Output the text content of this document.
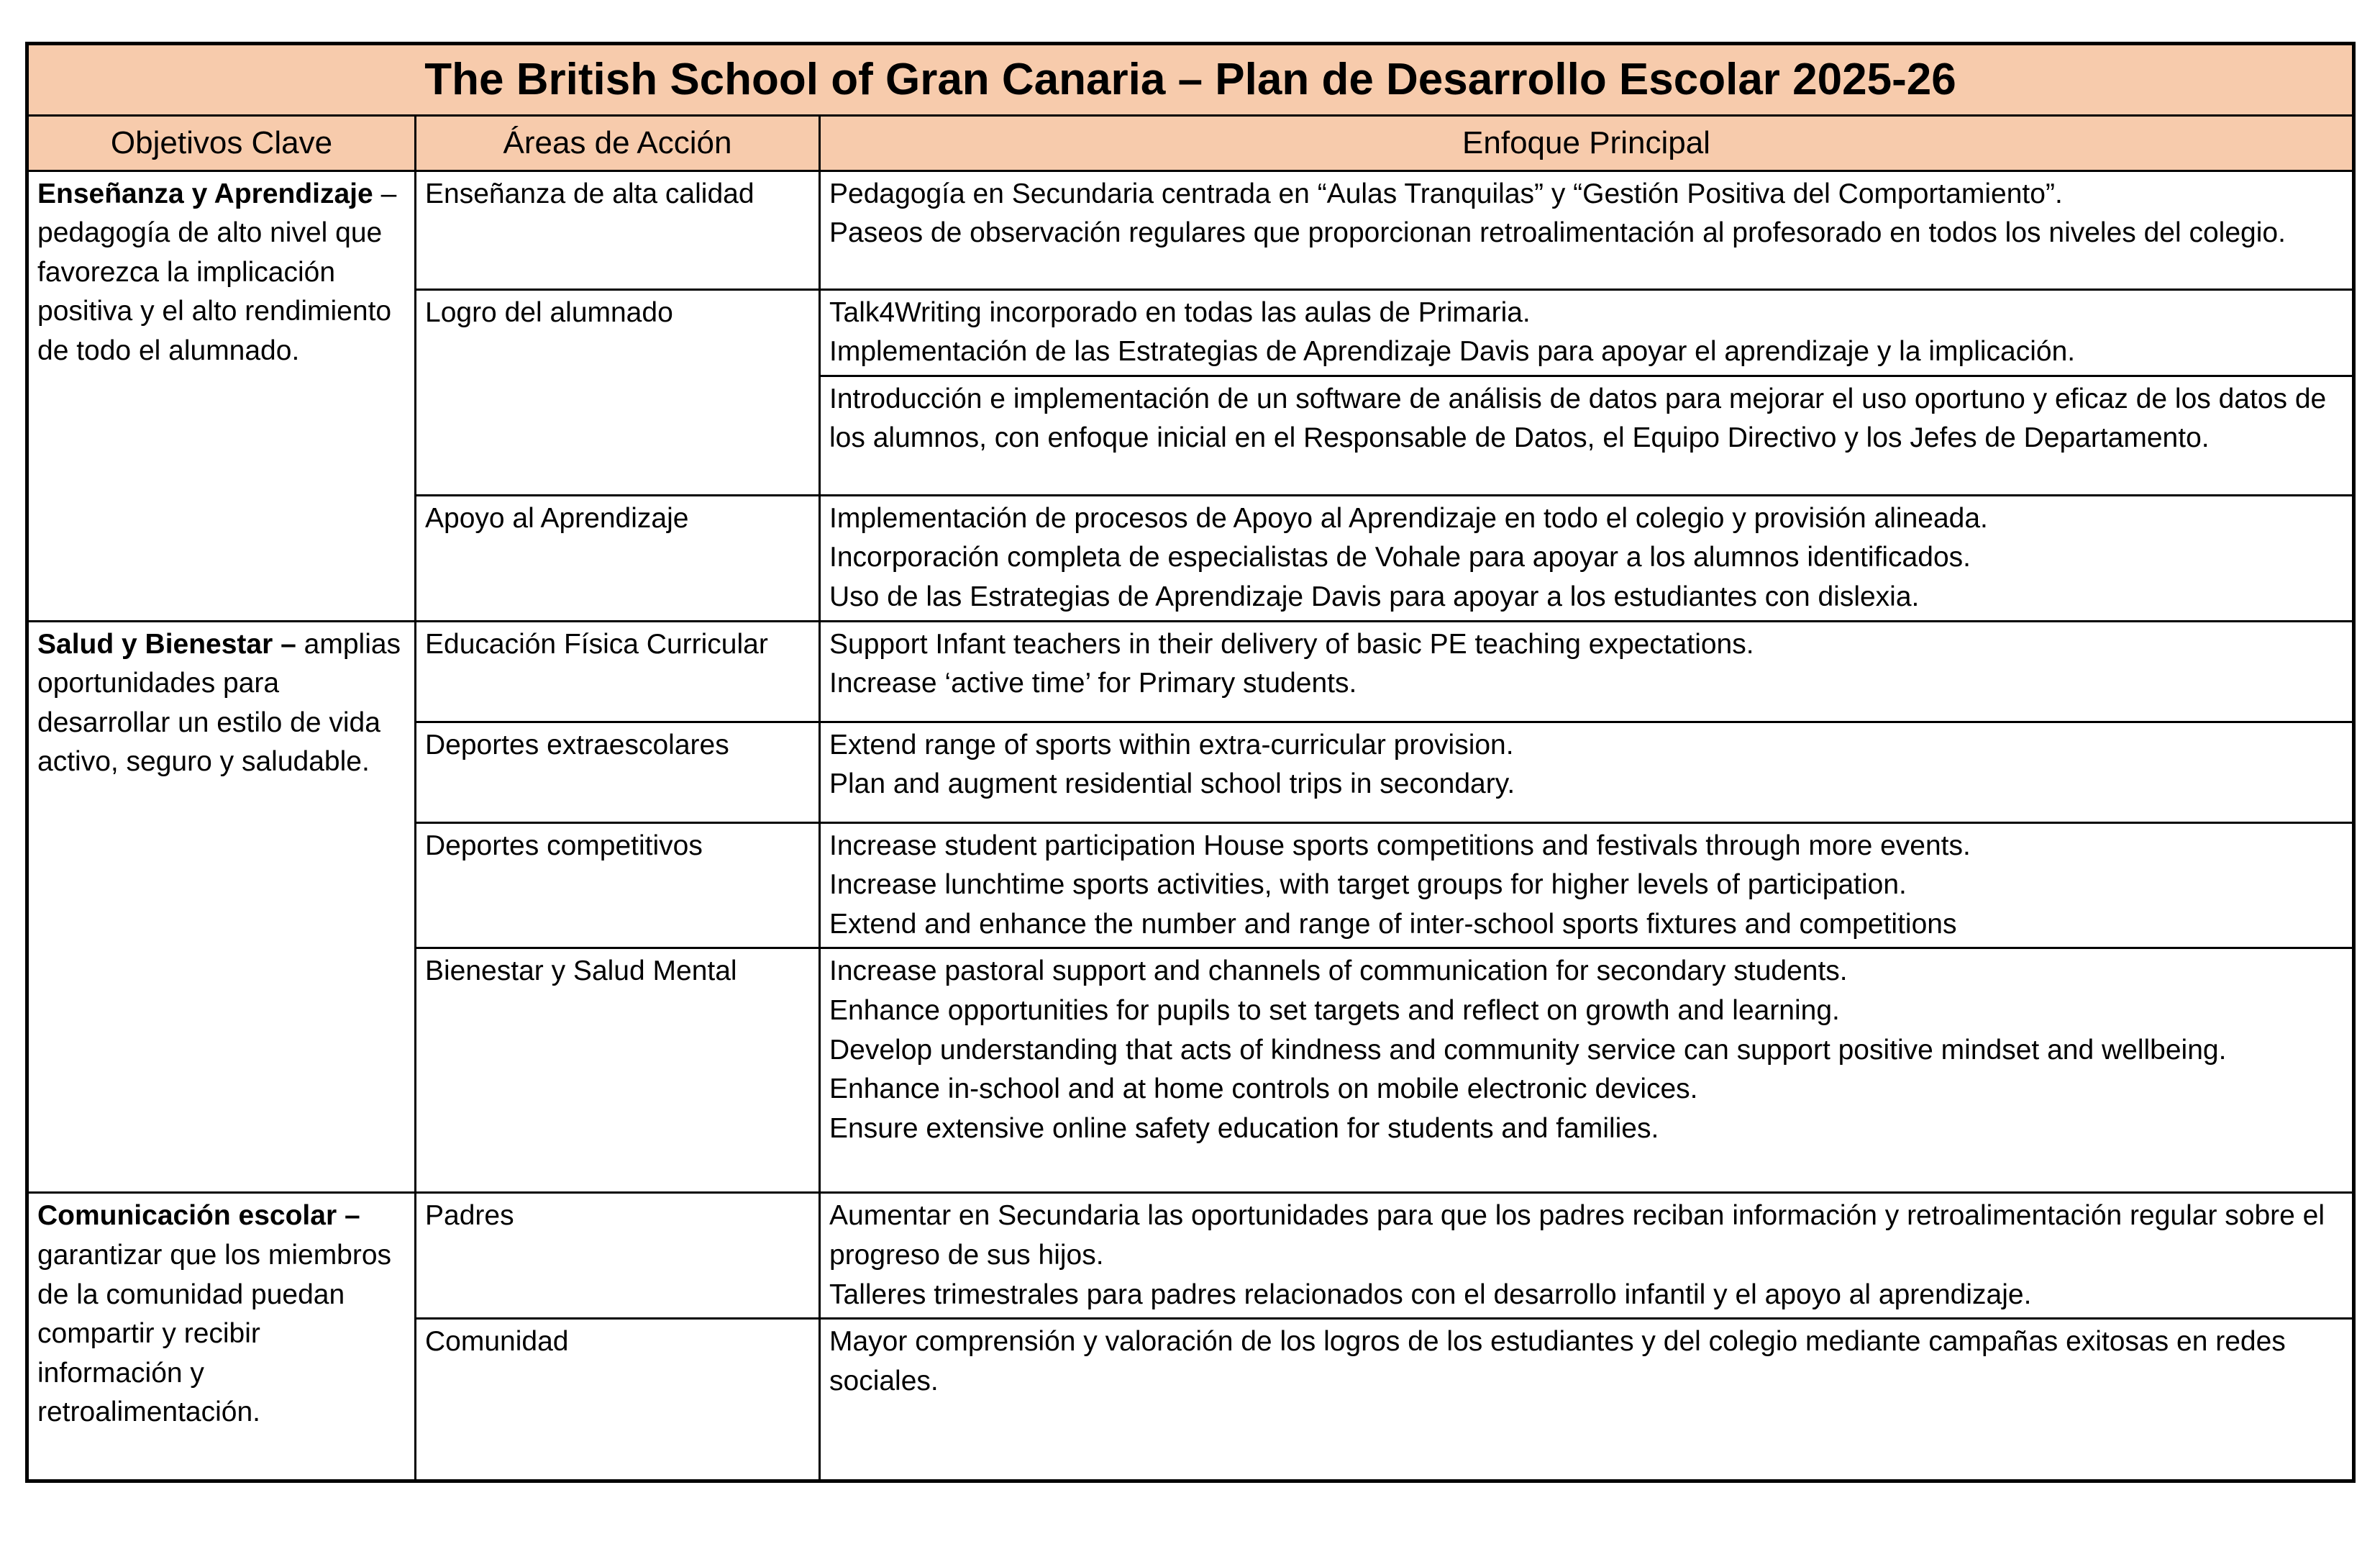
The British School of Gran Canaria – Plan de Desarrollo Escolar 2025-26		
Objetivos Clave	Áreas de Acción	Enfoque Principal
Enseñanza y Aprendizaje – pedagogía de alto nivel que favorezca la implicación positiva y el alto rendimiento de todo el alumnado.	Enseñanza de alta calidad	Pedagogía en Secundaria centrada en “Aulas Tranquilas” y “Gestión Positiva del Comportamiento”.
Paseos de observación regulares que proporcionan retroalimentación al profesorado en todos los niveles del colegio.

	Logro del alumnado	Talk4Writing incorporado en todas las aulas de Primaria.
Implementación de las Estrategias de Aprendizaje Davis para apoyar el aprendizaje y la implicación.

		Introducción e implementación de un software de análisis de datos para mejorar el uso oportuno y eficaz de los datos de los alumnos, con enfoque inicial en el Responsable de Datos, el Equipo Directivo y los Jefes de Departamento.

	Apoyo al Aprendizaje	Implementación de procesos de Apoyo al Aprendizaje en todo el colegio y provisión alineada.
Incorporación completa de especialistas de Vohale para apoyar a los alumnos identificados.
Uso de las Estrategias de Aprendizaje Davis para apoyar a los estudiantes con dislexia.

Salud y Bienestar – amplias oportunidades para desarrollar un estilo de vida activo, seguro y saludable.	Educación Física Curricular	Support Infant teachers in their delivery of basic PE teaching expectations.
Increase ‘active time’ for Primary students.

	Deportes extraescolares	Extend range of sports within extra-curricular provision.
Plan and augment residential school trips in secondary.

	Deportes competitivos	Increase student participation House sports competitions and festivals through more events.
Increase lunchtime sports activities, with target groups for higher levels of participation.
Extend and enhance the number and range of inter-school sports fixtures and competitions

	Bienestar y Salud Mental	Increase pastoral support and channels of communication for secondary students.
Enhance opportunities for pupils to set targets and reflect on growth and learning.
Develop understanding that acts of kindness and community service can support positive mindset and wellbeing.
Enhance in-school and at home controls on mobile electronic devices.
Ensure extensive online safety education for students and families.

Comunicación escolar – garantizar que los miembros de la comunidad puedan compartir y recibir información y retroalimentación.	Padres	Aumentar en Secundaria las oportunidades para que los padres reciban información y retroalimentación regular sobre el progreso de sus hijos.
Talleres trimestrales para padres relacionados con el desarrollo infantil y el apoyo al aprendizaje.

	Comunidad	Mayor comprensión y valoración de los logros de los estudiantes y del colegio mediante campañas exitosas en redes sociales.
